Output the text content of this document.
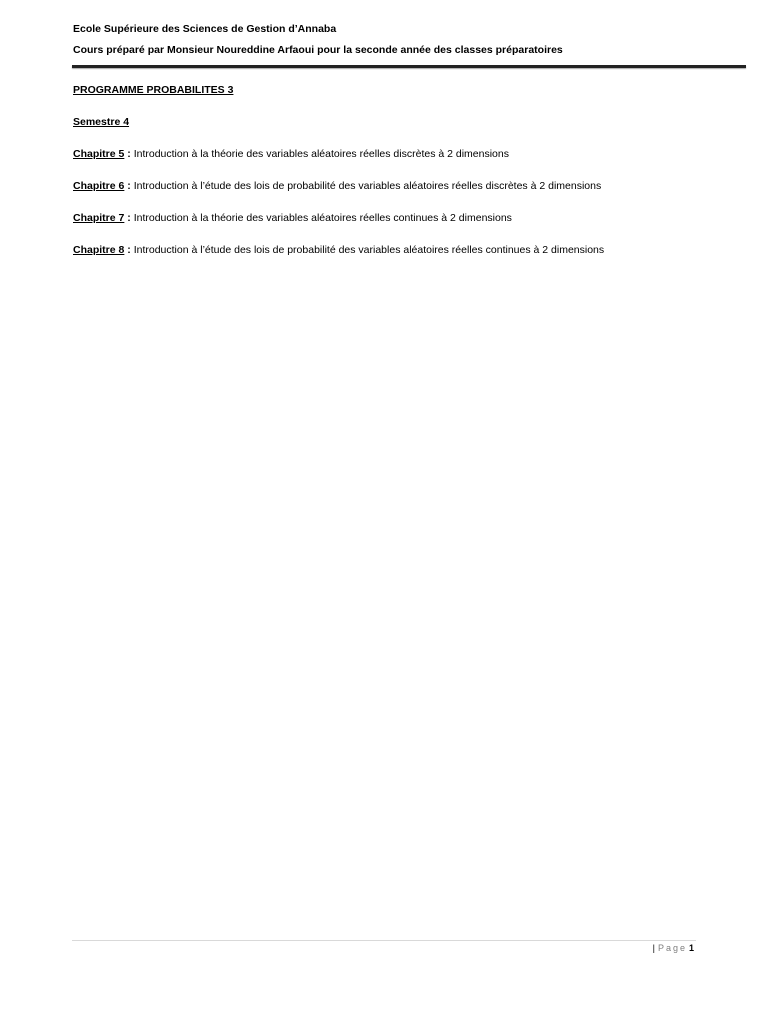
Ecole Supérieure des Sciences de Gestion d’Annaba
Cours préparé par Monsieur Noureddine Arfaoui pour la seconde année des classes préparatoires
PROGRAMME PROBABILITES 3
Semestre 4
Chapitre 5 : Introduction à la théorie des variables aléatoires réelles discrètes à 2 dimensions
Chapitre 6 : Introduction à l’étude des lois de probabilité des variables aléatoires réelles discrètes à 2 dimensions
Chapitre 7 : Introduction à la théorie des variables aléatoires réelles continues à 2 dimensions
Chapitre 8 : Introduction à l’étude des lois de probabilité des variables aléatoires réelles continues à 2 dimensions
| Page 1
